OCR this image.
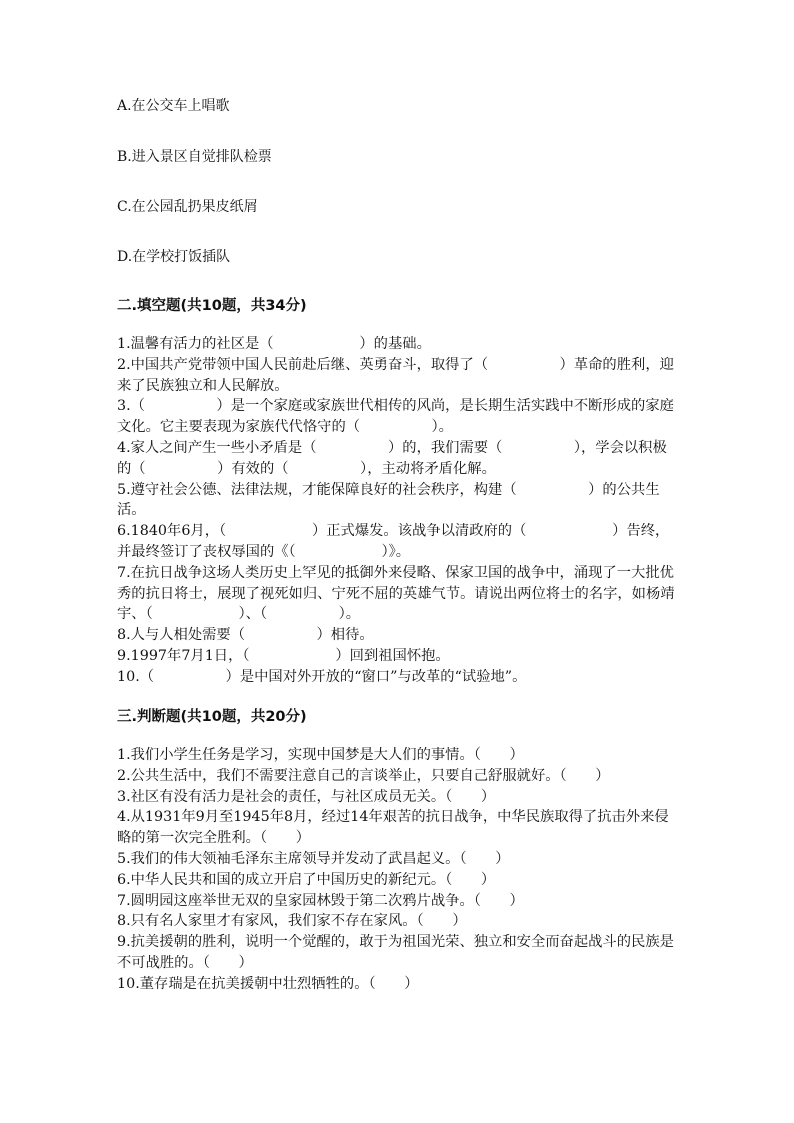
A.在公交车上唱歌
B.进入景区自觉排队检票
C.在公园乱扔果皮纸屑
D.在学校打饭插队
二.填空题(共10题，共34分)

1.温馨有活力的社区是（　　　　　　）的基础。

2.中国共产党带领中国人民前赴后继、英勇奋斗，取得了（　　　　　）革命的胜利，迎来了民族独立和人民解放。

3.（　　　　　）是一个家庭或家族世代相传的风尚，是长期生活实践中不断形成的家庭文化。它主要表现为家族代代恪守的（　　　　　）。

4.家人之间产生一些小矛盾是（　　　　　）的，我们需要（　　　　　），学会以积极的（　　　　　）有效的（　　　　　），主动将矛盾化解。

5.遵守社会公德、法律法规，才能保障良好的社会秩序，构建（　　　　　）的公共生活。

6.1840年6月，（　　　　　　）正式爆发。该战争以清政府的（　　　　　　）告终，并最终签订了丧权辱国的《（　　　　　　）》。

7.在抗日战争这场人类历史上罕见的抵御外来侵略、保家卫国的战争中，涌现了一大批优秀的抗日将士，展现了视死如归、宁死不屈的英雄气节。请说出两位将士的名字，如杨靖宇、（　　　　　　）、（　　　　　）。

8.人与人相处需要（　　　　　）相待。

9.1997年7月1日，（　　　　　　）回到祖国怀抱。

10.（　　　　　）是中国对外开放的“窗口”与改革的“试验地”。

三.判断题(共10题，共20分)

1.我们小学生任务是学习，实现中国梦是大人们的事情。（　　）

2.公共生活中，我们不需要注意自己的言谈举止，只要自己舒服就好。（　　）

3.社区有没有活力是社会的责任，与社区成员无关。（　　）

4.从1931年9月至1945年8月，经过14年艰苦的抗日战争，中华民族取得了抗击外来侵略的第一次完全胜利。（　　）

5.我们的伟大领袖毛泽东主席领导并发动了武昌起义。（　　）

6.中华人民共和国的成立开启了中国历史的新纪元。（　　）

7.圆明园这座举世无双的皇家园林毁于第二次鸦片战争。（　　）

8.只有名人家里才有家风，我们家不存在家风。（　　）

9.抗美援朝的胜利，说明一个觉醒的，敢于为祖国光荣、独立和安全而奋起战斗的民族是不可战胜的。（　　）

10.董存瑞是在抗美援朝中壮烈牺牲的。（　　）
